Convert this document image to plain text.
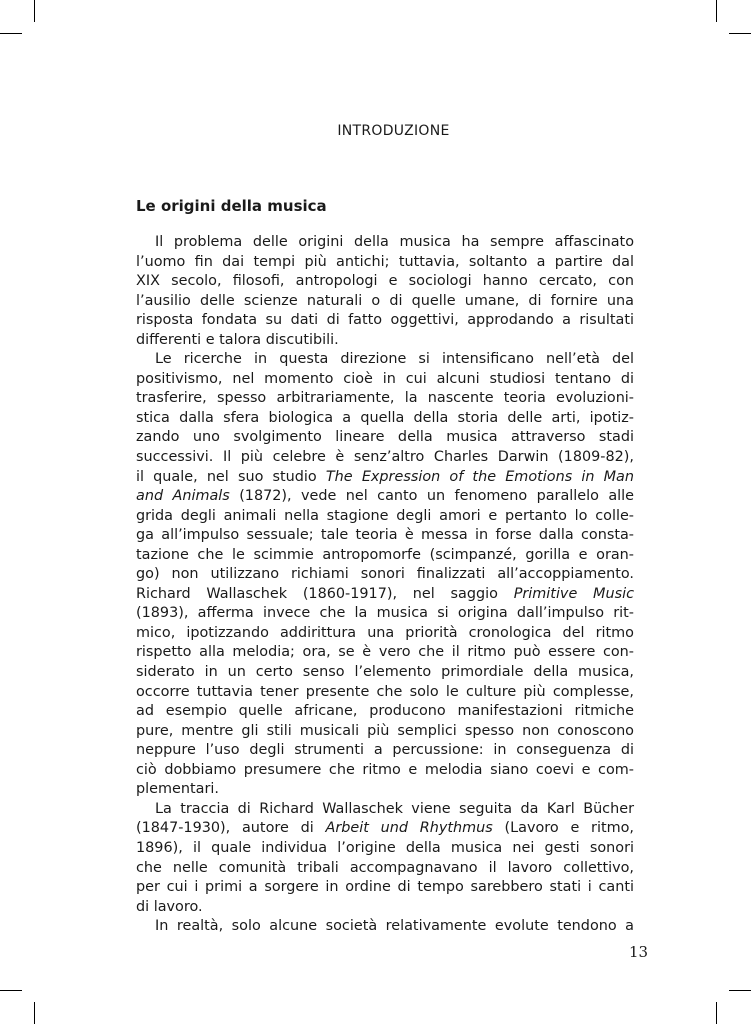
INTRODUZIONE
Le origini della musica
Il problema delle origini della musica ha sempre affascinato
l’uomo fin dai tempi più antichi; tuttavia, soltanto a partire dal
XIX secolo, filosofi, antropologi e sociologi hanno cercato, con
l’ausilio delle scienze naturali o di quelle umane, di fornire una
risposta fondata su dati di fatto oggettivi, approdando a risultati
differenti e talora discutibili.
Le ricerche in questa direzione si intensificano nell’età del
positivismo, nel momento cioè in cui alcuni studiosi tentano di
trasferire, spesso arbitrariamente, la nascente teoria evoluzioni-
stica dalla sfera biologica a quella della storia delle arti, ipotiz-
zando uno svolgimento lineare della musica attraverso stadi
successivi. Il più celebre è senz’altro Charles Darwin (1809-82),
il quale, nel suo studio The Expression of the Emotions in Man
and Animals (1872), vede nel canto un fenomeno parallelo alle
grida degli animali nella stagione degli amori e pertanto lo colle-
ga all’impulso sessuale; tale teoria è messa in forse dalla consta-
tazione che le scimmie antropomorfe (scimpanzé, gorilla e oran-
go) non utilizzano richiami sonori finalizzati all’accoppiamento.
Richard Wallaschek (1860-1917), nel saggio Primitive Music
(1893), afferma invece che la musica si origina dall’impulso rit-
mico, ipotizzando addirittura una priorità cronologica del ritmo
rispetto alla melodia; ora, se è vero che il ritmo può essere con-
siderato in un certo senso l’elemento primordiale della musica,
occorre tuttavia tener presente che solo le culture più complesse,
ad esempio quelle africane, producono manifestazioni ritmiche
pure, mentre gli stili musicali più semplici spesso non conoscono
neppure l’uso degli strumenti a percussione: in conseguenza di
ciò dobbiamo presumere che ritmo e melodia siano coevi e com-
plementari.
La traccia di Richard Wallaschek viene seguita da Karl Bücher
(1847-1930), autore di Arbeit und Rhythmus (Lavoro e ritmo,
1896), il quale individua l’origine della musica nei gesti sonori
che nelle comunità tribali accompagnavano il lavoro collettivo,
per cui i primi a sorgere in ordine di tempo sarebbero stati i canti
di lavoro.
In realtà, solo alcune società relativamente evolute tendono a
13
